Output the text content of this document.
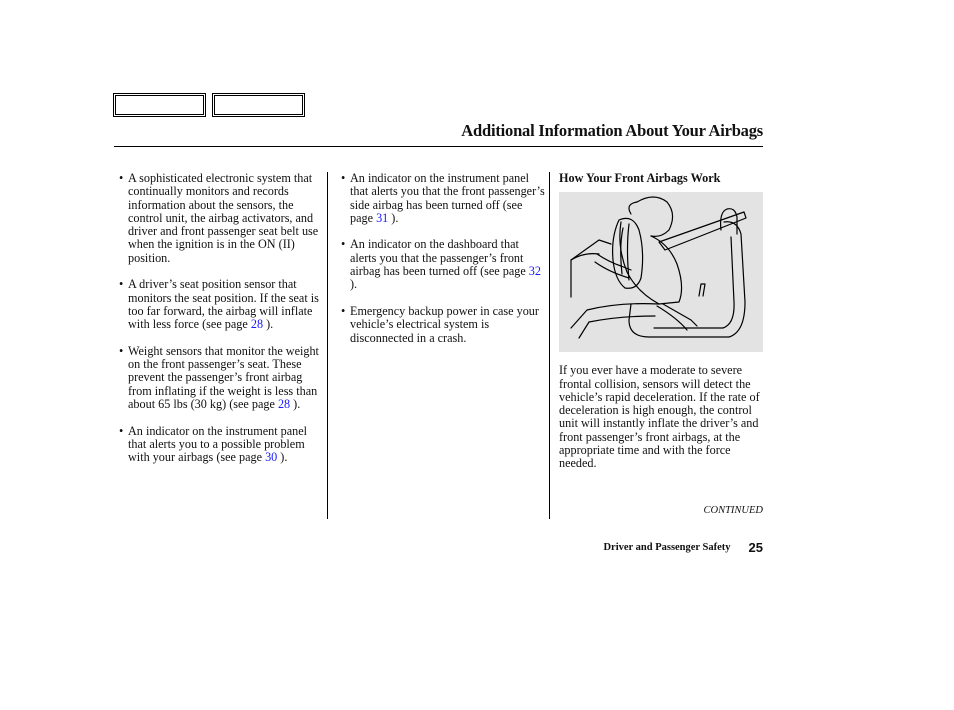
Additional Information About Your Airbags
• A sophisticated electronic system that continually monitors and records information about the sensors, the control unit, the airbag activators, and driver and front passenger seat belt use when the ignition is in the ON (II) position.
• A driver’s seat position sensor that monitors the seat position. If the seat is too far forward, the airbag will inflate with less force (see page 28 ).
• Weight sensors that monitor the weight on the front passenger’s seat. These prevent the passenger’s front airbag from inflating if the weight is less than about 65 lbs (30 kg) (see page 28 ).
• An indicator on the instrument panel that alerts you to a possible problem with your airbags (see page 30 ).
• An indicator on the instrument panel that alerts you that the front passenger’s side airbag has been turned off (see page 31 ).
• An indicator on the dashboard that alerts you that the passenger’s front airbag has been turned off (see page 32 ).
• Emergency backup power in case your vehicle’s electrical system is disconnected in a crash.
How Your Front Airbags Work
If you ever have a moderate to severe frontal collision, sensors will detect the vehicle’s rapid deceleration. If the rate of deceleration is high enough, the control unit will instantly inflate the driver’s and front passenger’s front airbags, at the appropriate time and with the force needed.
CONTINUED
Driver and Passenger Safety 25
